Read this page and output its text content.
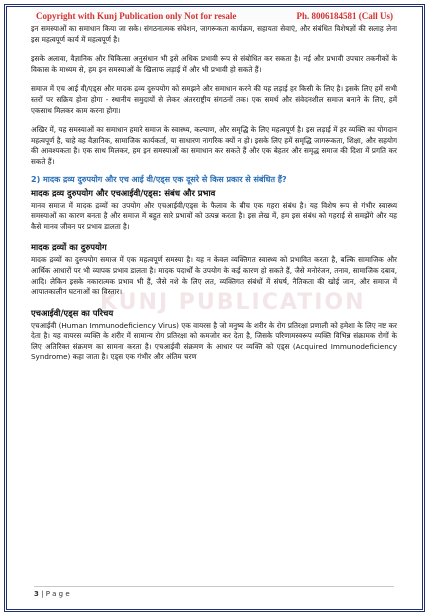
Copyright with Kunj Publication only Not for resale	Ph. 8006184581 (Call Us)
KUNJ PUBLICATION

इन समस्याओं का समाधान किया जा सके। संगठनात्मक संघेशन, जागरूकता कार्यक्रम, सहायता सेवाएं, और संबंधित विशेषज्ञों की सलाह लेना इस महत्वपूर्ण कार्य में महत्वपूर्ण है।

इसके अलावा, वैज्ञानिक और चिकित्सा अनुसंधान भी इसे अधिक प्रभावी रूप से संबोधित कर सकता है। नई और प्रभावी उपचार तकनीकों के विकास के माध्यम से, हम इन समस्याओं के खिलाफ लड़ाई में और भी प्रभावी हो सकते हैं।

समाज में एच आई वी/एड्स और मादक द्रव्य दुरुपयोग को समझने और समाधान करने की यह लड़ाई हर किसी के लिए है। इसके लिए हमें सभी स्तरों पर सक्रिय होना होगा - स्थानीय समुदायों से लेकर अंतरराष्ट्रीय संगठनों तक। एक समर्थ और संवेदनशील समाज बनाने के लिए, हमें एकसाथ मिलकर काम करना होगा।

अखिर में, यह समस्याओं का समाधान हमारे समाज के स्वास्थ्य, कल्याण, और समृद्धि के लिए महत्वपूर्ण है। इस लड़ाई में हर व्यक्ति का योगदान महत्वपूर्ण है, चाहे वह वैज्ञानिक, सामाजिक कार्यकर्ता, या साधारण नागरिक क्यों न हो। इसके लिए हमें समृद्धि जागरूकता, शिक्षा, और सहयोग की आवश्यकता है। एक साथ मिलकर, हम इन समस्याओं का समाधान कर सकते हैं और एक बेहतर और समृद्ध समाज की दिशा में प्रगति कर सकते हैं।

2) मादक द्रव्य दुरुपयोग और एच आई वी/एड्स एक दूसरे से किस प्रकार से संबंधित हैं?
मादक द्रव्य दुरुपयोग और एचआईवी/एड्स: संबंध और प्रभाव

मानव समाज में मादक द्रव्यों का उपयोग और एचआईवी/एड्स के फैलाव के बीच एक गहरा संबंध है। यह विशेष रूप से गंभीर स्वास्थ्य समस्याओं का कारण बनता है और समाज में बहुत सारे प्रभावों को उत्पन्न करता है। इस लेख में, हम इस संबंध को गहराई से समझेंगे और यह कैसे मानव जीवन पर प्रभाव डालता है।

मादक द्रव्यों का दुरुपयोग

मादक द्रव्यों का दुरुपयोग समाज में एक महत्वपूर्ण समस्या है। यह न केवल व्यक्तिगत स्वास्थ्य को प्रभावित करता है, बल्कि सामाजिक और आर्थिक आधारों पर भी व्यापक प्रभाव डालता है। मादक पदार्थों के उपयोग के कई कारण हो सकते हैं, जैसे मनोरंजन, तनाव, सामाजिक दबाव, आदि। लेकिन इसके नकारात्मक प्रभाव भी हैं, जैसे नशे के लिए लत, व्यक्तिगत संबंधों में संघर्ष, नैतिकता की खोई जान, और समाज में आपातकालीन घटनाओं का विस्तार।

एचआईवी/एड्स का परिचय

एचआईवी (Human Immunodeficiency Virus) एक वायरस है जो मनुष्य के शरीर के रोग प्रतिरक्षा प्रणाली को हमेशा के लिए नष्ट कर देता है। यह वायरस व्यक्ति के शरीर में सामान्य रोग प्रतिरक्षा को कमजोर कर देता है, जिसके परिणामस्वरूप व्यक्ति विभिन्न संक्रामक रोगों के लिए अतिरिक्त संक्रमण का सामना करता है। एचआईवी संक्रमण के आधार पर व्यक्ति को एड्स (Acquired Immunodeficiency Syndrome) कहा जाता है। एड्स एक गंभीर और अंतिम चरण

3 | P a g e
